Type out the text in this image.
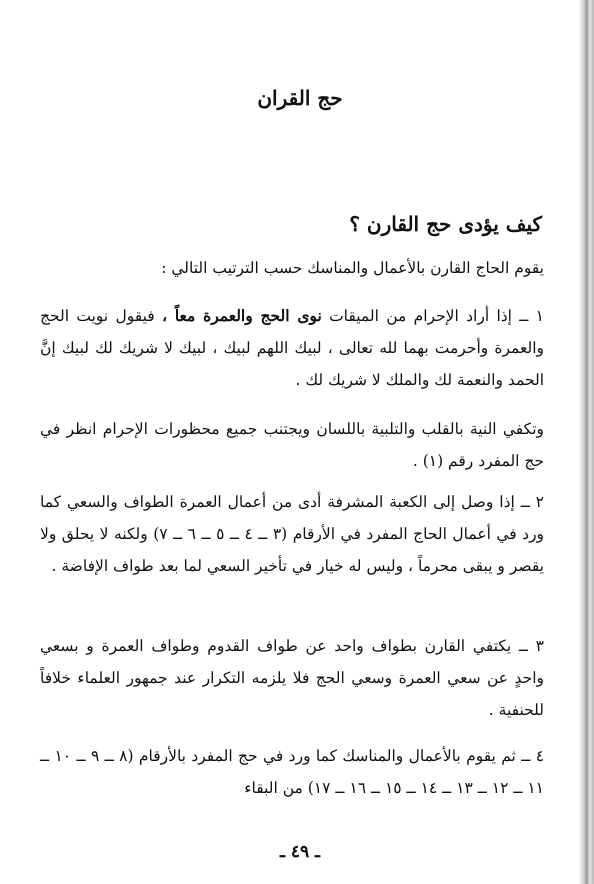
حج القران
كيف يؤدى حج القارن ؟
يقوم الحاج القارن بالأعمال والمناسك حسب الترتيب التالي :
١ ــ إذا أراد الإحرام من الميقات نوى الحج والعمرة معاً ، فيقول نويت الحج والعمرة وأحرمت بهما لله تعالى ، لبيك اللهم لبيك ، لبيك لا شريك لك لبيك إنَّ الحمد والنعمة لك والملك لا شريك لك .
وتكفي النية بالقلب والتلبية باللسان ويجتنب جميع محظورات الإحرام انظر في حج المفرد رقم (١) .
٢ ــ إذا وصل إلى الكعبة المشرفة أدى من أعمال العمرة الطواف والسعي كما ورد في أعمال الحاج المفرد في الأرقام (٣ ــ ٤ ــ ٥ ــ ٦ ــ ٧) ولكنه لا يحلق ولا يقصر و يبقى محرماً ، وليس له خيار في تأخير السعي لما بعد طواف الإفاضة .
٣ ــ يكتفي القارن بطواف واحد عن طواف القدوم وطواف العمرة و بسعي واحدٍ عن سعي العمرة وسعي الحج فلا يلزمه التكرار عند جمهور العلماء خلافاً للحنفية .
٤ ــ ثم يقوم بالأعمال والمناسك كما ورد في حج المفرد بالأرقام (٨ ــ ٩ ــ ١٠ ــ ١١ ــ ١٢ ــ ١٣ ــ ١٤ ــ ١٥ ــ ١٦ ــ ١٧) من البقاء
ـ ٤٩ ـ
